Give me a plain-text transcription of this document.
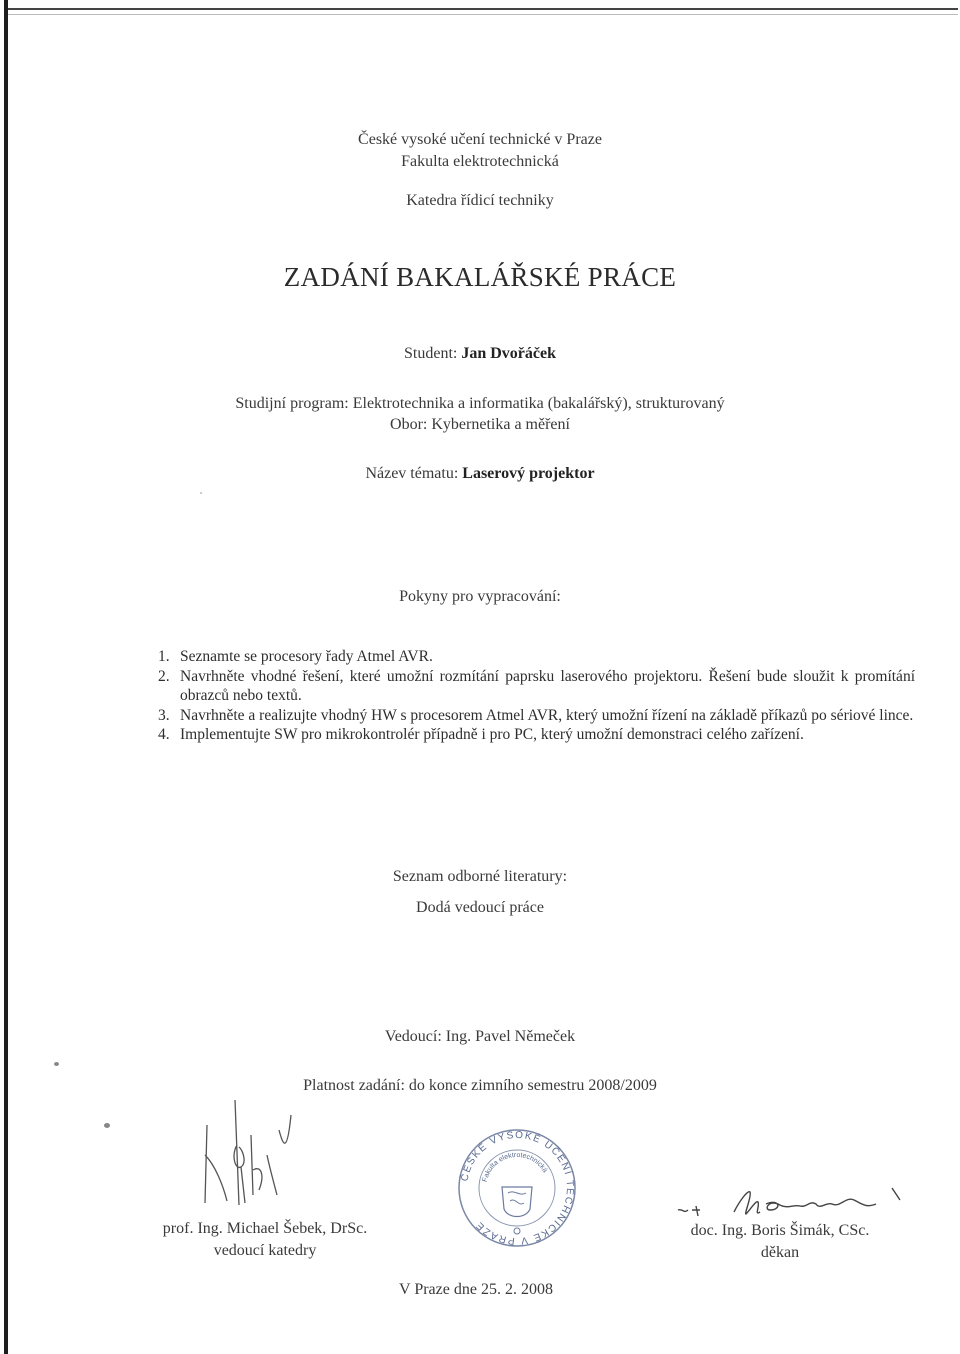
České vysoké učení technické v Praze
Fakulta elektrotechnická
Katedra řídicí techniky
ZADÁNÍ BAKALÁŘSKÉ PRÁCE
Student: Jan Dvořáček
Studijní program: Elektrotechnika a informatika (bakalářský), strukturovaný
Obor: Kybernetika a měření
Název tématu: Laserový projektor
Pokyny pro vypracování:
Seznamte se procesory řady Atmel AVR.
Navrhněte vhodné řešení, které umožní rozmítání paprsku laserového projektoru. Řešení bude sloužit k promítání obrazců nebo textů.
Navrhněte a realizujte vhodný HW s procesorem Atmel AVR, který umožní řízení na základě příkazů po sériové lince.
Implementujte SW pro mikrokontrolér případně i pro PC, který umožní demonstraci celého zařízení.
Seznam odborné literatury:
Dodá vedoucí práce
Vedoucí: Ing. Pavel Němeček
Platnost zadání: do konce zimního semestru 2008/2009
ČESKÉ VYSOKÉ UČENÍ TECHNICKÉ V PRAZE
Fakulta elektrotechnická
prof. Ing. Michael Šebek, DrSc.
vedoucí katedry
doc. Ing. Boris Šimák, CSc.
děkan
V Praze dne 25. 2. 2008
